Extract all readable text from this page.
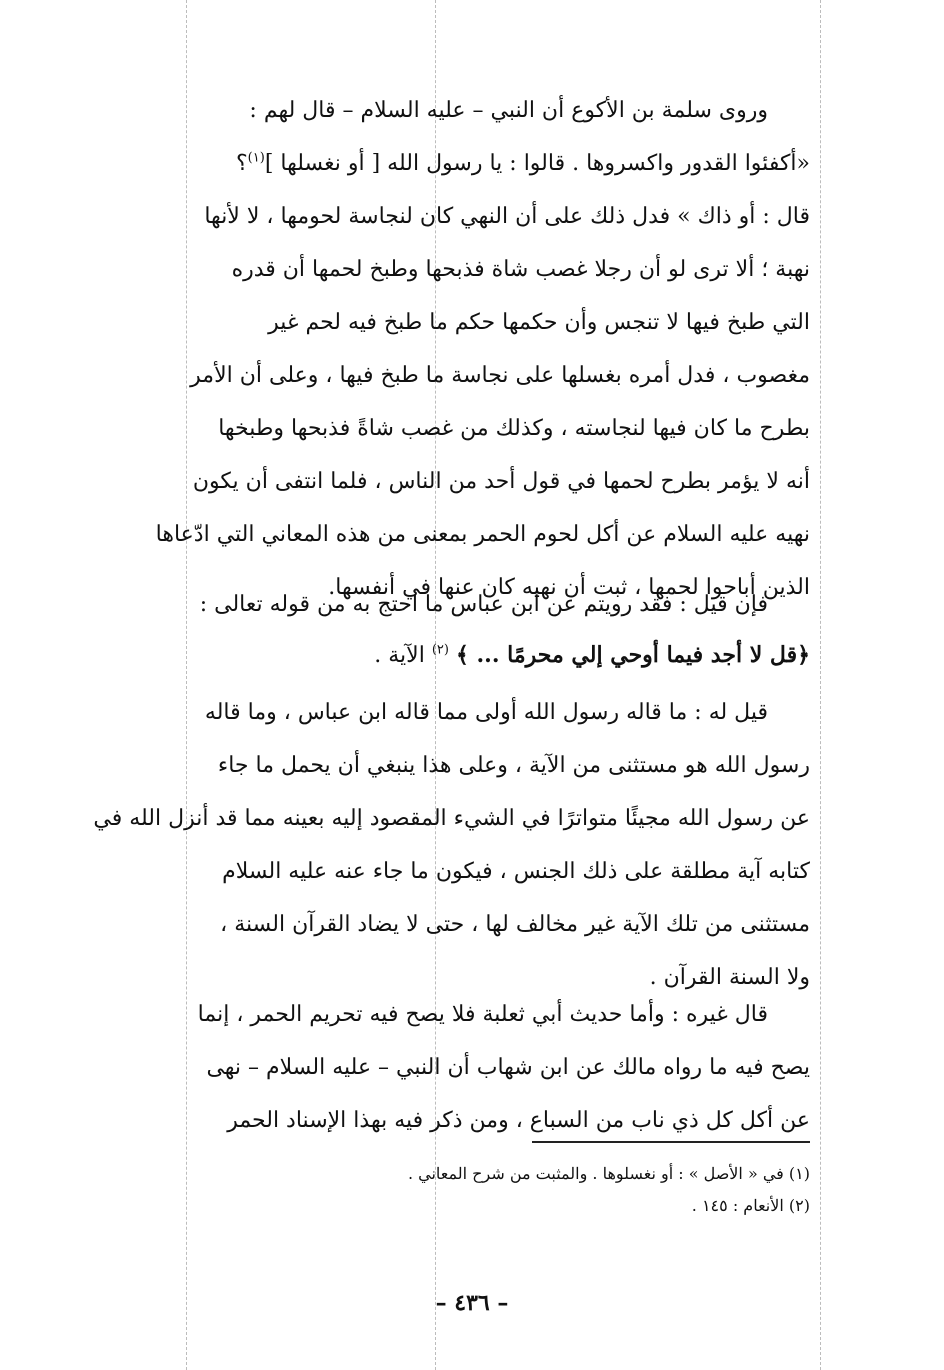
وروى سلمة بن الأكوع أن النبي – عليه السلام – قال لهم :
«أكفئوا القدور واكسروها . قالوا : يا رسول الله [ أو نغسلها ]$^{(١)}$؟
قال : أو ذاك » فدل ذلك على أن النهي كان لنجاسة لحومها ، لا لأنها
نهبة ؛ ألا ترى لو أن رجلا غصب شاة فذبحها وطبخ لحمها أن قدره
التي طبخ فيها لا تنجس وأن حكمها حكم ما طبخ فيه لحم غير
مغصوب ، فدل أمره بغسلها على نجاسة ما طبخ فيها ، وعلى أن الأمر
بطرح ما كان فيها لنجاسته ، وكذلك من غصب شاةً فذبحها وطبخها
أنه لا يؤمر بطرح لحمها في قول أحد من الناس ، فلما انتفى أن يكون
نهيه عليه السلام عن أكل لحوم الحمر بمعنى من هذه المعاني التي ادّعاها
الذين أباحوا لحمها ، ثبت أن نهيه كان عنها في أنفسها.
فإن قيل : فقد رويتم عن ابن عباس ما احتج به من قوله تعالى :
﴿قل لا أجد فيما أوحي إلي محرمًا ... ﴾ $^{(٢)}$ الآية .
قيل له : ما قاله رسول الله أولى مما قاله ابن عباس ، وما قاله
رسول الله هو مستثنى من الآية ، وعلى هذا ينبغي أن يحمل ما جاء
عن رسول الله مجيئًا متواترًا في الشيء المقصود إليه بعينه مما قد أنزل الله في
كتابه آية مطلقة على ذلك الجنس ، فيكون ما جاء عنه عليه السلام
مستثنى من تلك الآية غير مخالف لها ، حتى لا يضاد القرآن السنة ،
ولا السنة القرآن .
قال غيره : وأما حديث أبي ثعلبة فلا يصح فيه تحريم الحمر ، إنما
يصح فيه ما رواه مالك عن ابن شهاب أن النبي – عليه السلام – نهى
عن أكل كل ذي ناب من السباع ، ومن ذكر فيه بهذا الإسناد الحمر
(١) في « الأصل » : أو نغسلوها . والمثبت من شرح المعاني .
(٢) الأنعام : ١٤٥ .
– ٤٣٦ –
